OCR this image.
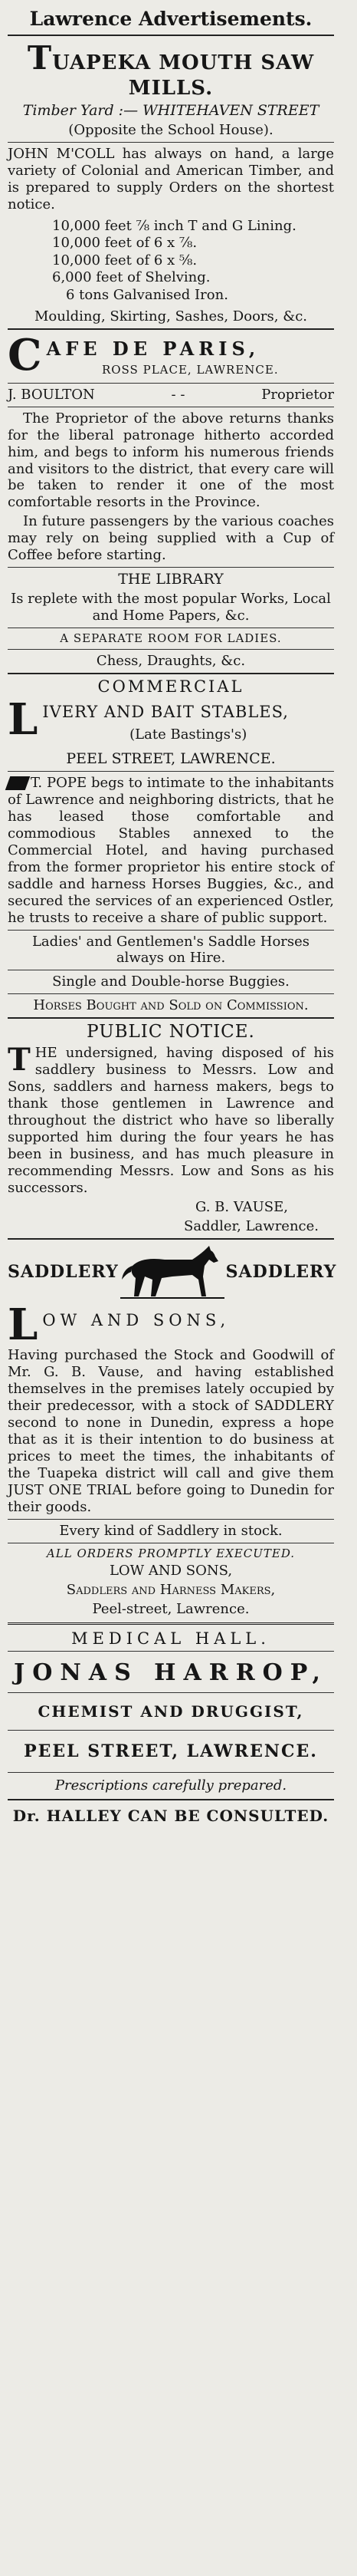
Lawrence Advertisements.
TUAPEKA MOUTH SAW MILLS.
Timber Yard :— WHITEHAVEN STREET
(Opposite the School House).
JOHN M'COLL has always on hand, a large variety of Colonial and American Timber, and is prepared to supply Orders on the shortest notice.
10,000 feet ⅞ inch T and G Lining.
10,000 feet of 6 x ⅞.
10,000 feet of 6 x ⅝.
6,000 feet of Shelving.
6 tons Galvanised Iron.
Moulding, Skirting, Sashes, Doors, &c.
C AFE DE PARIS,
ROSS PLACE, LAWRENCE.
J. BOULTON	- -	Proprietor
The Proprietor of the above returns thanks for the liberal patronage hitherto accorded him, and begs to inform his numerous friends and visitors to the district, that every care will be taken to render it one of the most comfortable resorts in the Province.
In future passengers by the various coaches may rely on being supplied with a Cup of Coffee before starting.
THE LIBRARY
Is replete with the most popular Works, Local and Home Papers, &c.
A SEPARATE ROOM FOR LADIES.
Chess, Draughts, &c.
COMMERCIAL
L IVERY AND BAIT STABLES,
(Late Bastings's)
PEEL STREET, LAWRENCE.
T. POPE begs to intimate to the inhabitants of Lawrence and neighboring districts, that he has leased those comfortable and commodious Stables annexed to the Commercial Hotel, and having purchased from the former proprietor his entire stock of saddle and harness Horses Buggies, &c., and secured the services of an experienced Ostler, he trusts to receive a share of public support.
Ladies' and Gentlemen's Saddle Horses always on Hire.
Single and Double-horse Buggies.
Horses Bought and Sold on Commission.
PUBLIC NOTICE.
THE undersigned, having disposed of his saddlery business to Messrs. Low and Sons, saddlers and harness makers, begs to thank those gentlemen in Lawrence and throughout the district who have so liberally supported him during the four years he has been in business, and has much pleasure in recommending Messrs. Low and Sons as his successors.
G. B. VAUSE,
Saddler, Lawrence.
SADDLERY	SADDLERY
L OW AND SONS,
Having purchased the Stock and Goodwill of Mr. G. B. Vause, and having established themselves in the premises lately occupied by their predecessor, with a stock of SADDLERY second to none in Dunedin, express a hope that as it is their intention to do business at prices to meet the times, the inhabitants of the Tuapeka district will call and give them JUST ONE TRIAL before going to Dunedin for their goods.
Every kind of Saddlery in stock.
ALL ORDERS PROMPTLY EXECUTED.
LOW AND SONS,
Saddlers and Harness Makers,
Peel-street, Lawrence.
MEDICAL HALL.
JONAS HARROP,
CHEMIST AND DRUGGIST,
PEEL STREET, LAWRENCE.
Prescriptions carefully prepared.
Dr. HALLEY CAN BE CONSULTED.
